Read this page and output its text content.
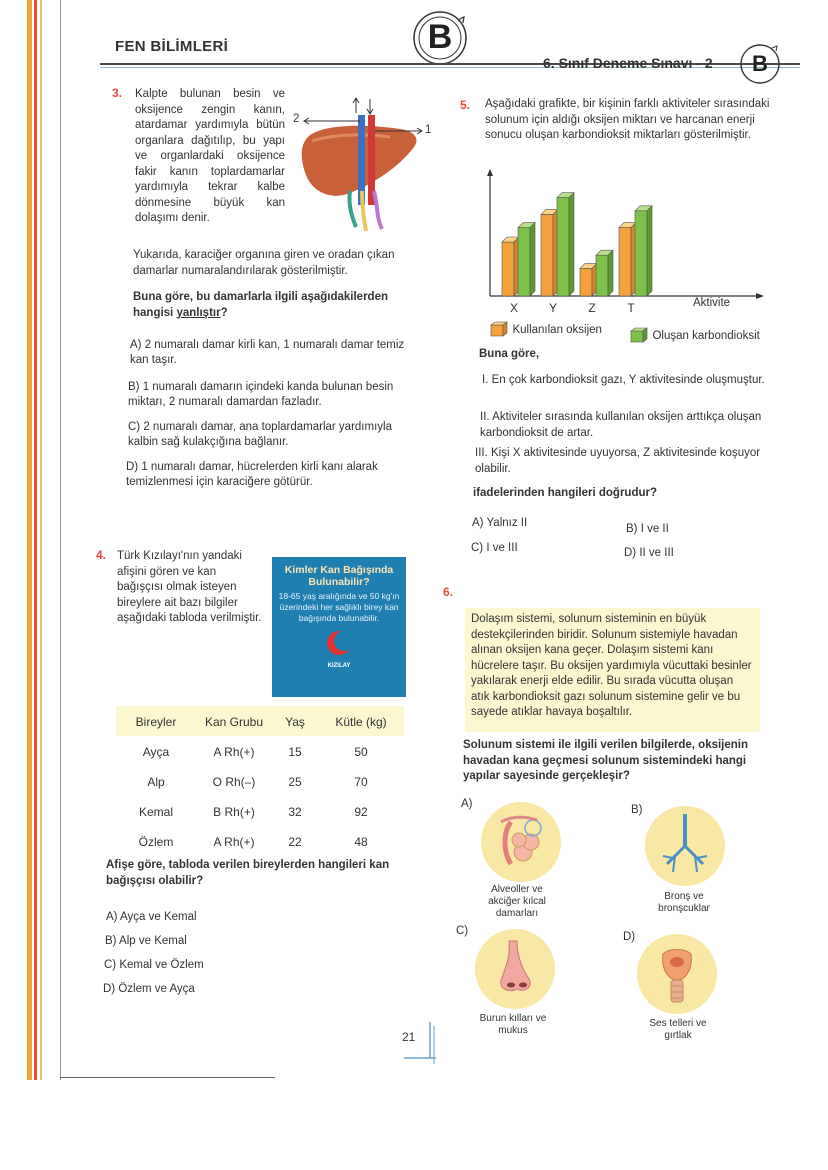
FEN BİLİMLERİ	B
6. Sınıf Deneme Sınavı - 2	B
3. Kalpte bulunan besin ve oksijence zengin kanın, atardamar yardımıyla bütün organlara dağıtılıp, bu yapı ve organlardaki oksijence fakir kanın toplardamarlar yardımıyla tekrar kalbe dönmesine büyük kan dolaşımı denir.
2
1
Yukarıda, karaciğer organına giren ve oradan çıkan damarlar numaralandırılarak gösterilmiştir.
Buna göre, bu damarlarla ilgili aşağıdakilerden hangisi yanlıştır?
A) 2 numaralı damar kirli kan, 1 numaralı damar temiz kan taşır.
B) 1 numaralı damarın içindeki kanda bulunan besin miktarı, 2 numaralı damardan fazladır.
C) 2 numaralı damar, ana toplardamarlar yardımıyla kalbin sağ kulakçığına bağlanır.
D) 1 numaralı damar, hücrelerden kirli kanı alarak temizlenmesi için karaciğere götürür.
4. Türk Kızılayı'nın yandaki afişini gören ve kan bağışçısı olmak isteyen bireylere ait bazı bilgiler aşağıdaki tabloda verilmiştir.
Kimler Kan Bağışında Bulunabilir?
18-65 yaş aralığında ve 50 kg'ın üzerindeki her sağlıklı birey kan bağışında bulunabilir.
KIZILAY
Bireyler	Kan Grubu	Yaş	Kütle (kg)
Ayça	A Rh(+)	15	50
Alp	O Rh(–)	25	70
Kemal	B Rh(+)	32	92
Özlem	A Rh(+)	22	48
Afişe göre, tabloda verilen bireylerden hangileri kan bağışçısı olabilir?
A) Ayça ve Kemal
B) Alp ve Kemal
C) Kemal ve Özlem
D) Özlem ve Ayça
5. Aşağıdaki grafikte, bir kişinin farklı aktiviteler sırasındaki solunum için aldığı oksijen miktarı ve harcanan enerji sonucu oluşan karbondioksit miktarları gösterilmiştir.
X	Y	Z	T	Aktivite
Kullanılan oksijen	Oluşan karbondioksit
Buna göre,
I. En çok karbondioksit gazı, Y aktivitesinde oluşmuştur.
II. Aktiviteler sırasında kullanılan oksijen arttıkça oluşan karbondioksit de artar.
III. Kişi X aktivitesinde uyuyorsa, Z aktivitesinde koşuyor olabilir.
ifadelerinden hangileri doğrudur?
A) Yalnız II	B) I ve II
C) I ve III	D) II ve III
6.
Dolaşım sistemi, solunum sisteminin en büyük destekçilerinden biridir. Solunum sistemiyle havadan alınan oksijen kana geçer. Dolaşım sistemi kanı hücrelere taşır. Bu oksijen yardımıyla vücuttaki besinler yakılarak enerji elde edilir. Bu sırada vücutta oluşan atık karbondioksit gazı solunum sistemine gelir ve bu sayede atıklar havaya boşaltılır.
Solunum sistemi ile ilgili verilen bilgilerde, oksijenin havadan kana geçmesi solunum sistemindeki hangi yapılar sayesinde gerçekleşir?
A)
Alveoller ve akciğer kılcal damarları
B)
Bronş ve bronşcuklar
C)
Burun kılları ve mukus
D)
Ses telleri ve gırtlak
21
